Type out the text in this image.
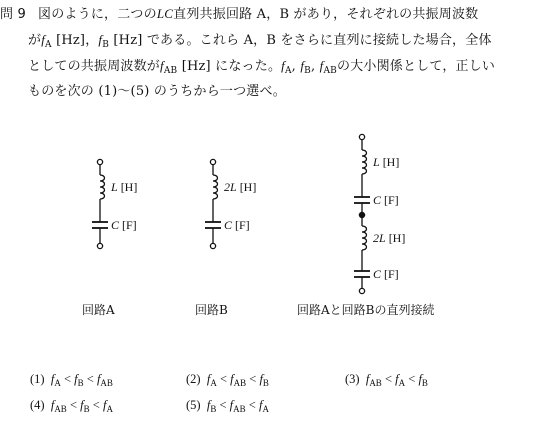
問 9 図のように，二つのLC直列共振回路 A，B があり，それぞれの共振周波数
が$f_A$ [Hz]，$f_B$ [Hz] である。これら A，B をさらに直列に接続した場合，全体
としての共振周波数が$f_{AB}$ [Hz] になった。$f_A$, $f_B$, $f_{AB}$の大小関係として，正しい
ものを次の (1)～(5) のうちから一つ選べ。
L [H]
C [F]
回路A
2L [H]
C [F]
回路B
L [H]
C [F]
2L [H]
C [F]
回路Aと回路Bの直列接続
(1) $f_A < f_B < f_{AB}$	(2) $f_A < f_{AB} < f_B$	(3) $f_{AB} < f_A < f_B$
(4) $f_{AB} < f_B < f_A$	(5) $f_B < f_{AB} < f_A$
